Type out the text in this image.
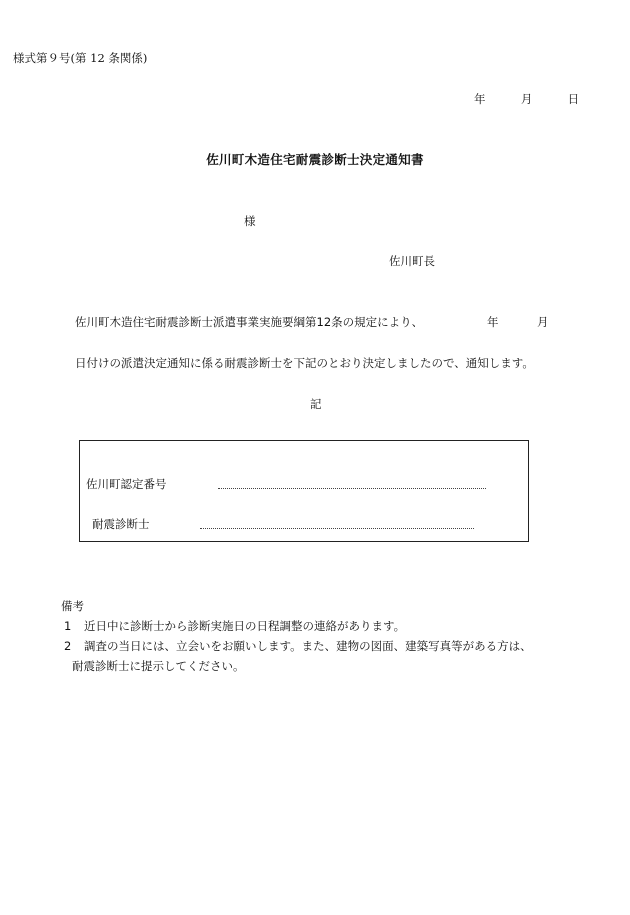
様式第９号(第 12 条関係)
年	月	日
佐川町木造住宅耐震診断士決定通知書
様
佐川町長
佐川町木造住宅耐震診断士派遣事業実施要綱第12条の規定により、	年	月
日付けの派遣決定通知に係る耐震診断士を下記のとおり決定しましたので、通知します。
記
佐川町認定番号
耐震診断士
備考
1 近日中に診断士から診断実施日の日程調整の連絡があります。
2 調査の当日には、立会いをお願いします。また、建物の図面、建築写真等がある方は、
耐震診断士に提示してください。
